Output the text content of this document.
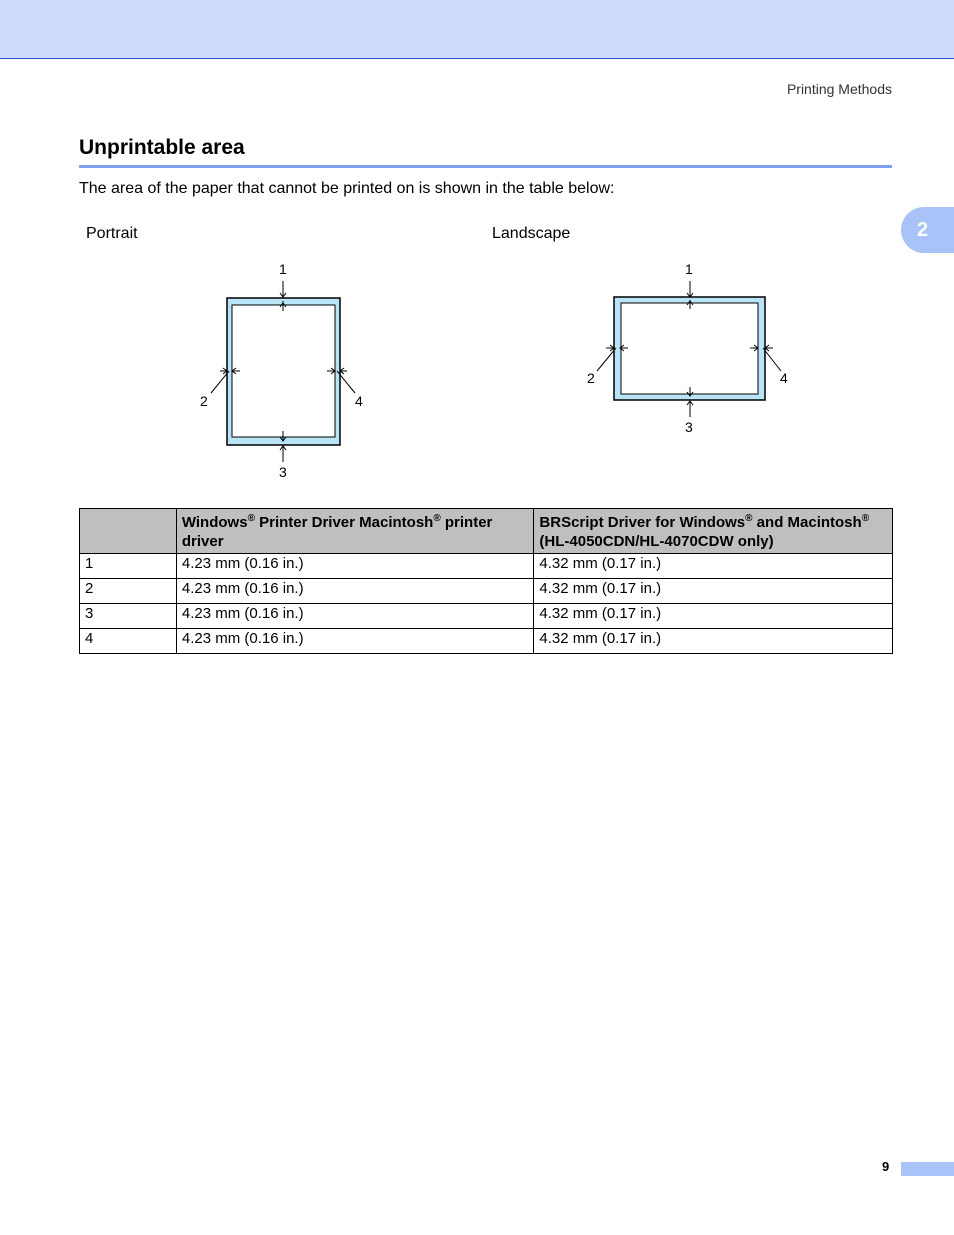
Printing Methods
2
Unprintable area

The area of the paper that cannot be printed on is shown in the table below:

Portrait	Landscape
1
2
3
4
1
2
3
4
	Windows® Printer Driver Macintosh® printer driver	BRScript Driver for Windows® and Macintosh® (HL-4050CDN/HL-4070CDW only)
1	4.23 mm (0.16 in.)	4.32 mm (0.17 in.)
2	4.23 mm (0.16 in.)	4.32 mm (0.17 in.)
3	4.23 mm (0.16 in.)	4.32 mm (0.17 in.)
4	4.23 mm (0.16 in.)	4.32 mm (0.17 in.)
9
